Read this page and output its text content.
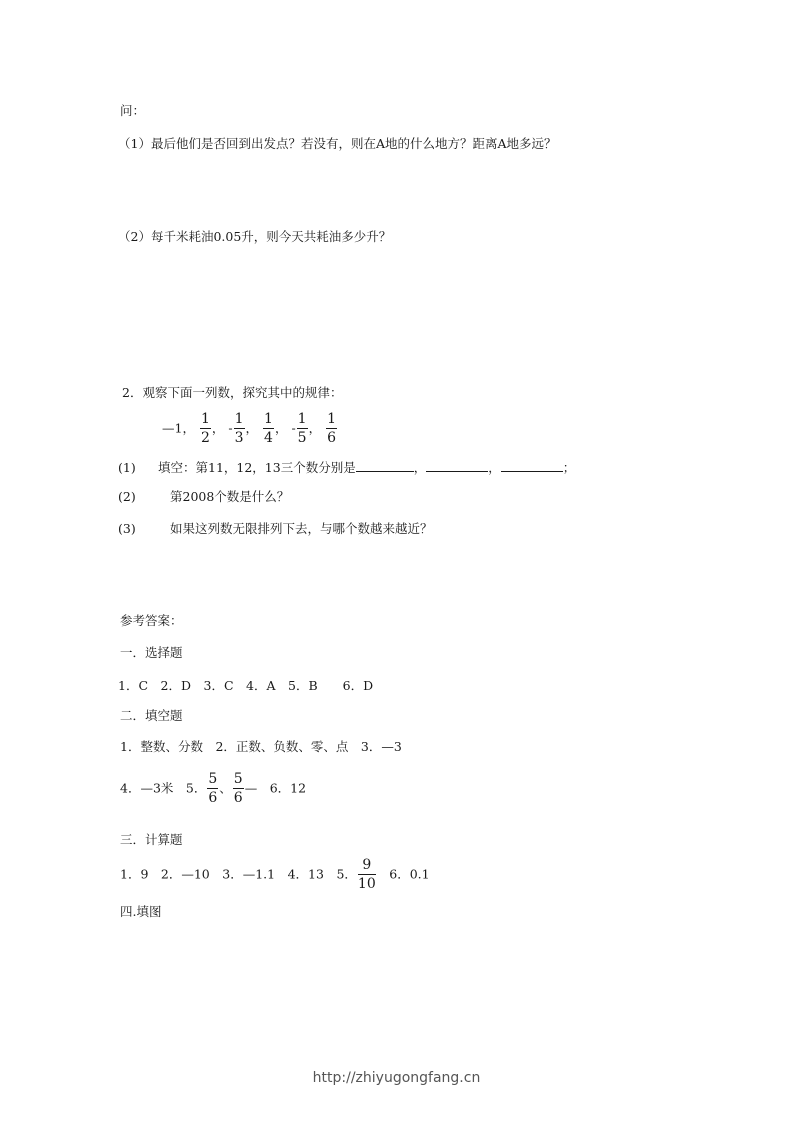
问：
（1）最后他们是否回到出发点？若没有，则在A地的什么地方？距离A地多远？
（2）每千米耗油0.05升，则今天共耗油多少升？
2．观察下面一列数，探究其中的规律：
—1， $\frac{1}{2}$ ， - $\frac{1}{3}$ ， $\frac{1}{4}$ ， - $\frac{1}{5}$ ， $\frac{1}{6}$
(1) 填空：第11，12，13三个数分别是	，	，	；
(2)	第2008个数是什么？
(3)	如果这列数无限排列下去，与哪个数越来越近？
参考答案：
一．选择题
1．C　2．D　3．C　4．A　5．B　　6．D
二．填空题
1．整数、分数　2．正数、负数、零、点　3．—3
4．—3米　5． $\frac{5}{6}$ 、 $\frac{5}{6}$ —　6．12
三．计算题
1．9　2．—10　3．—1.1　4．13　5． $\frac{9}{10}$ 　6．0.1
四.填图
http://zhiyugongfang.cn
